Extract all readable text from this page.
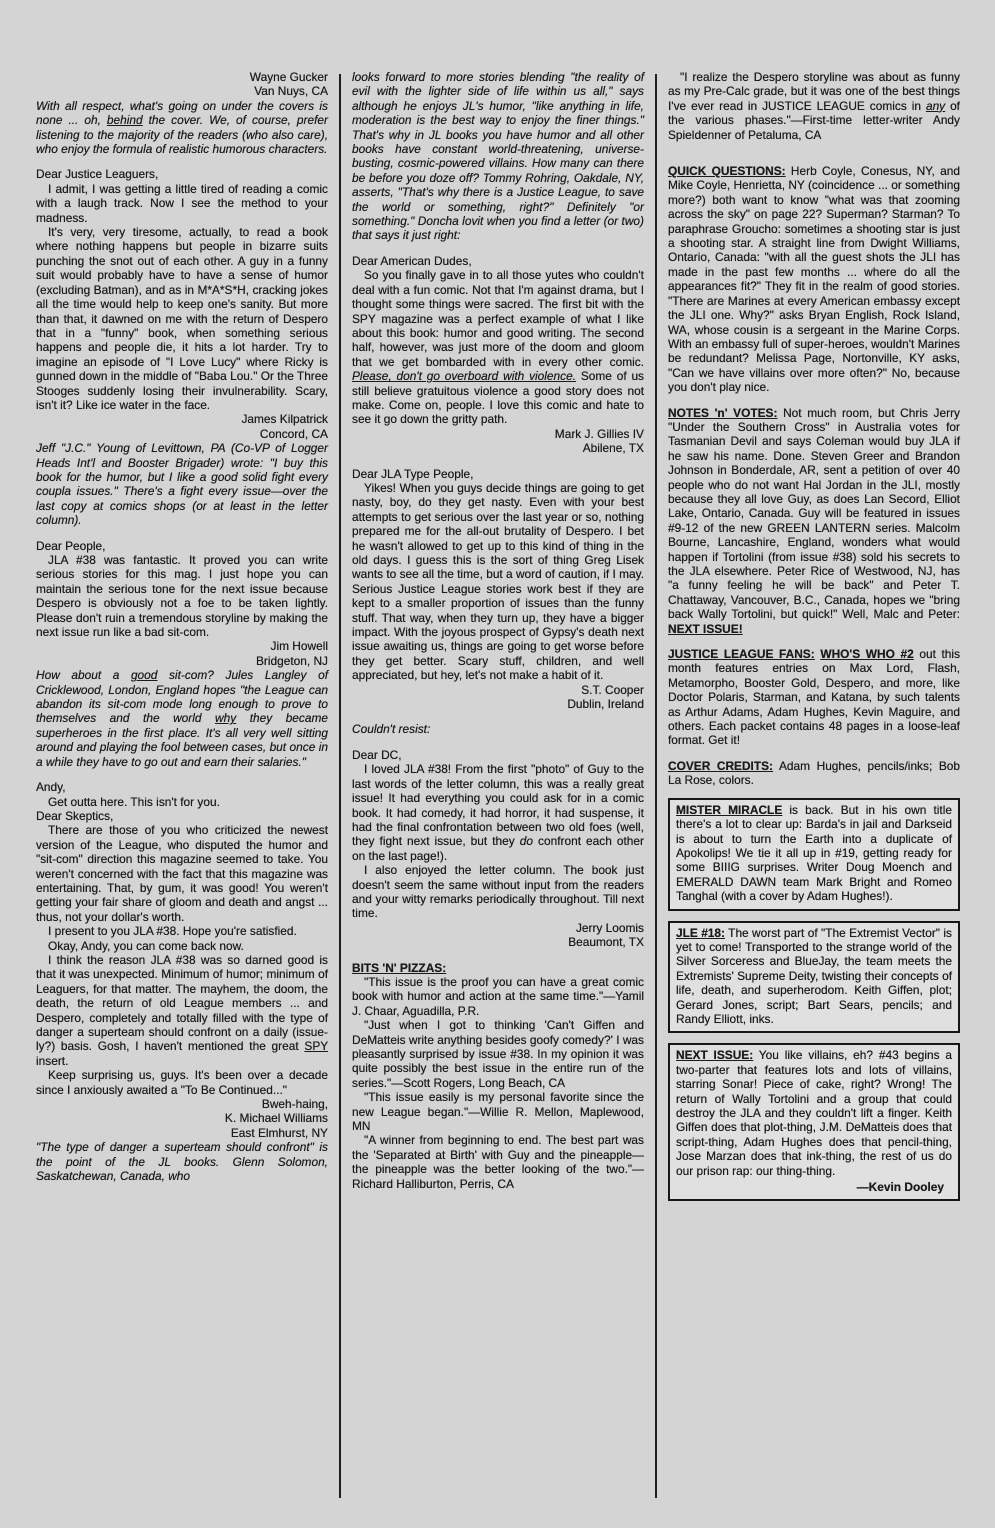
Wayne Gucker
Van Nuys, CA

With all respect, what's going on under the covers is none ... oh, behind the cover. We, of course, prefer listening to the majority of the readers (who also care), who enjoy the formula of realistic humorous characters.

Dear Justice Leaguers,

I admit, I was getting a little tired of reading a comic with a laugh track. Now I see the method to your madness.

It's very, very tiresome, actually, to read a book where nothing happens but people in bizarre suits punching the snot out of each other. A guy in a funny suit would probably have to have a sense of humor (excluding Batman), and as in M*A*S*H, cracking jokes all the time would help to keep one's sanity. But more than that, it dawned on me with the return of Despero that in a "funny" book, when something serious happens and people die, it hits a lot harder. Try to imagine an episode of "I Love Lucy" where Ricky is gunned down in the middle of "Baba Lou." Or the Three Stooges suddenly losing their invulnerability. Scary, isn't it? Like ice water in the face.

James Kilpatrick
Concord, CA

Jeff "J.C." Young of Levittown, PA (Co-VP of Logger Heads Int'l and Booster Brigader) wrote: "I buy this book for the humor, but I like a good solid fight every coupla issues." There's a fight every issue—over the last copy at comics shops (or at least in the letter column).

Dear People,

JLA #38 was fantastic. It proved you can write serious stories for this mag. I just hope you can maintain the serious tone for the next issue because Despero is obviously not a foe to be taken lightly. Please don't ruin a tremendous storyline by making the next issue run like a bad sit-com.

Jim Howell
Bridgeton, NJ

How about a good sit-com? Jules Langley of Cricklewood, London, England hopes "the League can abandon its sit-com mode long enough to prove to themselves and the world why they became superheroes in the first place. It's all very well sitting around and playing the fool between cases, but once in a while they have to go out and earn their salaries."

Andy,

Get outta here. This isn't for you.

Dear Skeptics,

There are those of you who criticized the newest version of the League, who disputed the humor and "sit-com" direction this magazine seemed to take. You weren't concerned with the fact that this magazine was entertaining. That, by gum, it was good! You weren't getting your fair share of gloom and death and angst ... thus, not your dollar's worth.

I present to you JLA #38. Hope you're satisfied.

Okay, Andy, you can come back now.

I think the reason JLA #38 was so darned good is that it was unexpected. Minimum of humor; minimum of Leaguers, for that matter. The mayhem, the doom, the death, the return of old League members ... and Despero, completely and totally filled with the type of danger a superteam should confront on a daily (issue-ly?) basis. Gosh, I haven't mentioned the great SPY insert.

Keep surprising us, guys. It's been over a decade since I anxiously awaited a "To Be Continued..."

Bweh-haing,
K. Michael Williams
East Elmhurst, NY

"The type of danger a superteam should confront" is the point of the JL books. Glenn Solomon, Saskatchewan, Canada, who

looks forward to more stories blending "the reality of evil with the lighter side of life within us all," says although he enjoys JL's humor, "like anything in life, moderation is the best way to enjoy the finer things." That's why in JL books you have humor and all other books have constant world-threatening, universe-busting, cosmic-powered villains. How many can there be before you doze off? Tommy Rohring, Oakdale, NY, asserts, "That's why there is a Justice League, to save the world or something, right?" Definitely "or something." Doncha lovit when you find a letter (or two) that says it just right:

Dear American Dudes,

So you finally gave in to all those yutes who couldn't deal with a fun comic. Not that I'm against drama, but I thought some things were sacred. The first bit with the SPY magazine was a perfect example of what I like about this book: humor and good writing. The second half, however, was just more of the doom and gloom that we get bombarded with in every other comic. Please, don't go overboard with violence. Some of us still believe gratuitous violence a good story does not make. Come on, people. I love this comic and hate to see it go down the gritty path.

Mark J. Gillies IV
Abilene, TX

Dear JLA Type People,

Yikes! When you guys decide things are going to get nasty, boy, do they get nasty. Even with your best attempts to get serious over the last year or so, nothing prepared me for the all-out brutality of Despero. I bet he wasn't allowed to get up to this kind of thing in the old days. I guess this is the sort of thing Greg Lisek wants to see all the time, but a word of caution, if I may. Serious Justice League stories work best if they are kept to a smaller proportion of issues than the funny stuff. That way, when they turn up, they have a bigger impact. With the joyous prospect of Gypsy's death next issue awaiting us, things are going to get worse before they get better. Scary stuff, children, and well appreciated, but hey, let's not make a habit of it.

S.T. Cooper
Dublin, Ireland

Couldn't resist:

Dear DC,

I loved JLA #38! From the first "photo" of Guy to the last words of the letter column, this was a really great issue! It had everything you could ask for in a comic book. It had comedy, it had horror, it had suspense, it had the final confrontation between two old foes (well, they fight next issue, but they do confront each other on the last page!).

I also enjoyed the letter column. The book just doesn't seem the same without input from the readers and your witty remarks periodically throughout. Till next time.

Jerry Loomis
Beaumont, TX

BITS 'N' PIZZAS:

"This issue is the proof you can have a great comic book with humor and action at the same time."—Yamil J. Chaar, Aguadilla, P.R.

"Just when I got to thinking 'Can't Giffen and DeMatteis write anything besides goofy comedy?' I was pleasantly surprised by issue #38. In my opinion it was quite possibly the best issue in the entire run of the series."—Scott Rogers, Long Beach, CA

"This issue easily is my personal favorite since the new League began."—Willie R. Mellon, Maplewood, MN

"A winner from beginning to end. The best part was the 'Separated at Birth' with Guy and the pineapple—the pineapple was the better looking of the two."—Richard Halliburton, Perris, CA

"I realize the Despero storyline was about as funny as my Pre-Calc grade, but it was one of the best things I've ever read in JUSTICE LEAGUE comics in any of the various phases."—First-time letter-writer Andy Spieldenner of Petaluma, CA

QUICK QUESTIONS: Herb Coyle, Conesus, NY, and Mike Coyle, Henrietta, NY (coincidence ... or something more?) both want to know "what was that zooming across the sky" on page 22? Superman? Starman? To paraphrase Groucho: sometimes a shooting star is just a shooting star. A straight line from Dwight Williams, Ontario, Canada: "with all the guest shots the JLI has made in the past few months ... where do all the appearances fit?" They fit in the realm of good stories. "There are Marines at every American embassy except the JLI one. Why?" asks Bryan English, Rock Island, WA, whose cousin is a sergeant in the Marine Corps. With an embassy full of super-heroes, wouldn't Marines be redundant? Melissa Page, Nortonville, KY asks, "Can we have villains over more often?" No, because you don't play nice.

NOTES 'n' VOTES: Not much room, but Chris Jerry "Under the Southern Cross" in Australia votes for Tasmanian Devil and says Coleman would buy JLA if he saw his name. Done. Steven Greer and Brandon Johnson in Bonderdale, AR, sent a petition of over 40 people who do not want Hal Jordan in the JLI, mostly because they all love Guy, as does Lan Secord, Elliot Lake, Ontario, Canada. Guy will be featured in issues #9-12 of the new GREEN LANTERN series. Malcolm Bourne, Lancashire, England, wonders what would happen if Tortolini (from issue #38) sold his secrets to the JLA elsewhere. Peter Rice of Westwood, NJ, has "a funny feeling he will be back" and Peter T. Chattaway, Vancouver, B.C., Canada, hopes we "bring back Wally Tortolini, but quick!" Well, Malc and Peter: NEXT ISSUE!

JUSTICE LEAGUE FANS: WHO'S WHO #2 out this month features entries on Max Lord, Flash, Metamorpho, Booster Gold, Despero, and more, like Doctor Polaris, Starman, and Katana, by such talents as Arthur Adams, Adam Hughes, Kevin Maguire, and others. Each packet contains 48 pages in a loose-leaf format. Get it!

COVER CREDITS: Adam Hughes, pencils/inks; Bob La Rose, colors.

MISTER MIRACLE is back. But in his own title there's a lot to clear up: Barda's in jail and Darkseid is about to turn the Earth into a duplicate of Apokolips! We tie it all up in #19, getting ready for some BIIIG surprises. Writer Doug Moench and EMERALD DAWN team Mark Bright and Romeo Tanghal (with a cover by Adam Hughes!).

JLE #18: The worst part of "The Extremist Vector" is yet to come! Transported to the strange world of the Silver Sorceress and BlueJay, the team meets the Extremists' Supreme Deity, twisting their concepts of life, death, and superherodom. Keith Giffen, plot; Gerard Jones, script; Bart Sears, pencils; and Randy Elliott, inks.

NEXT ISSUE: You like villains, eh? #43 begins a two-parter that features lots and lots of villains, starring Sonar! Piece of cake, right? Wrong! The return of Wally Tortolini and a group that could destroy the JLA and they couldn't lift a finger. Keith Giffen does that plot-thing, J.M. DeMatteis does that script-thing, Adam Hughes does that pencil-thing, Jose Marzan does that ink-thing, the rest of us do our prison rap: our thing-thing.

—Kevin Dooley
